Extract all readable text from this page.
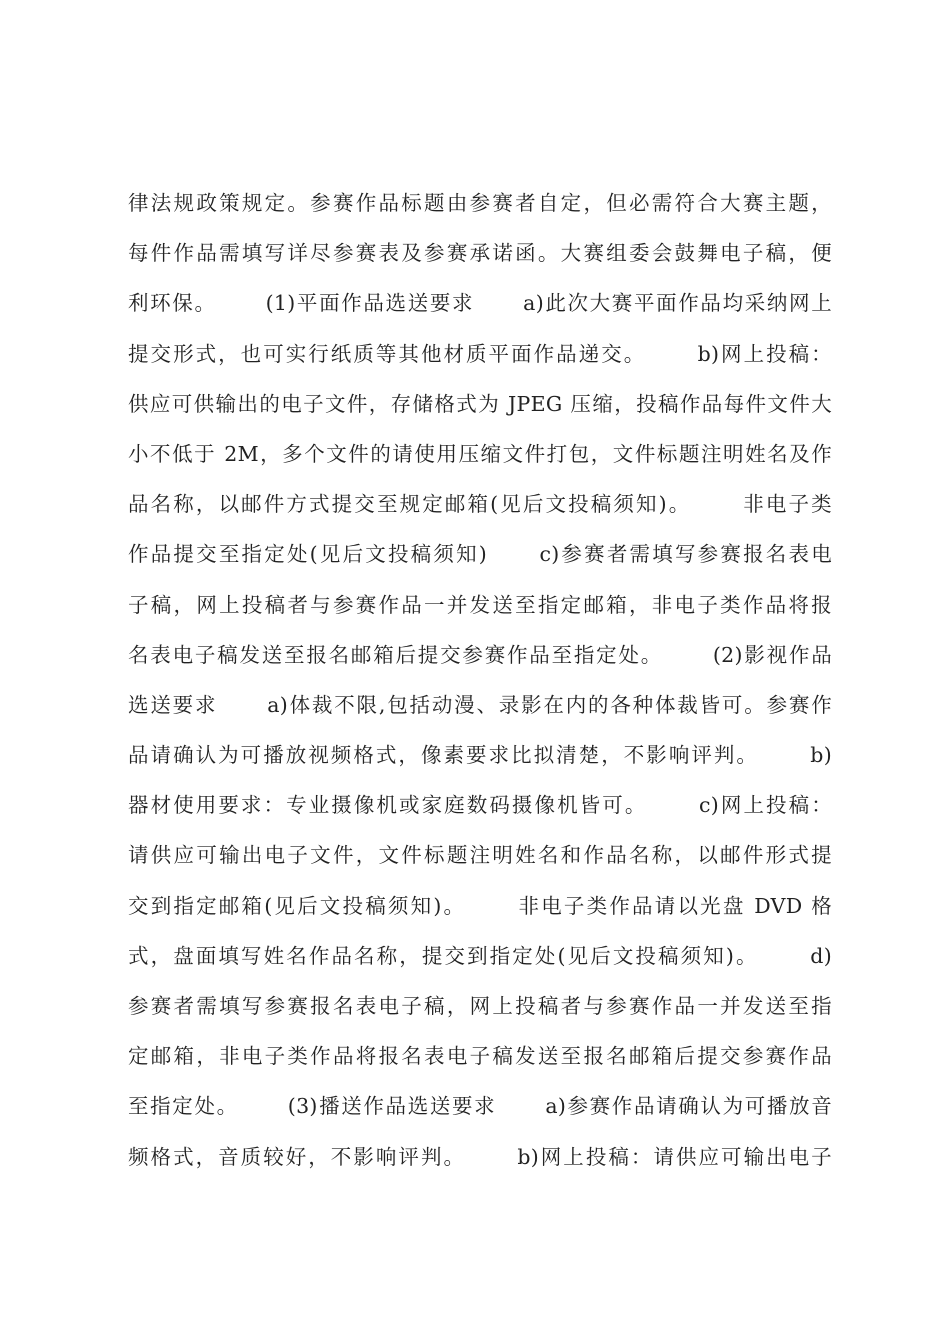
律法规政策规定。参赛作品标题由参赛者自定，但必需符合大赛主题，
每件作品需填写详尽参赛表及参赛承诺函。大赛组委会鼓舞电子稿，便
利环保。      (1)平面作品选送要求      a)此次大赛平面作品均采纳网上
提交形式，也可实行纸质等其他材质平面作品递交。      b)网上投稿：
供应可供输出的电子文件，存储格式为 JPEG 压缩，投稿作品每件文件大
小不低于 2M，多个文件的请使用压缩文件打包，文件标题注明姓名及作
品名称，以邮件方式提交至规定邮箱(见后文投稿须知)。      非电子类
作品提交至指定处(见后文投稿须知)      c)参赛者需填写参赛报名表电
子稿，网上投稿者与参赛作品一并发送至指定邮箱，非电子类作品将报
名表电子稿发送至报名邮箱后提交参赛作品至指定处。      (2)影视作品
选送要求      a)体裁不限,包括动漫、录影在内的各种体裁皆可。参赛作
品请确认为可播放视频格式，像素要求比拟清楚，不影响评判。      b)
器材使用要求：专业摄像机或家庭数码摄像机皆可。      c)网上投稿：
请供应可输出电子文件，文件标题注明姓名和作品名称，以邮件形式提
交到指定邮箱(见后文投稿须知)。      非电子类作品请以光盘 DVD 格
式，盘面填写姓名作品名称，提交到指定处(见后文投稿须知)。      d)
参赛者需填写参赛报名表电子稿，网上投稿者与参赛作品一并发送至指
定邮箱，非电子类作品将报名表电子稿发送至报名邮箱后提交参赛作品
至指定处。      (3)播送作品选送要求      a)参赛作品请确认为可播放音
频格式，音质较好，不影响评判。      b)网上投稿：请供应可输出电子
